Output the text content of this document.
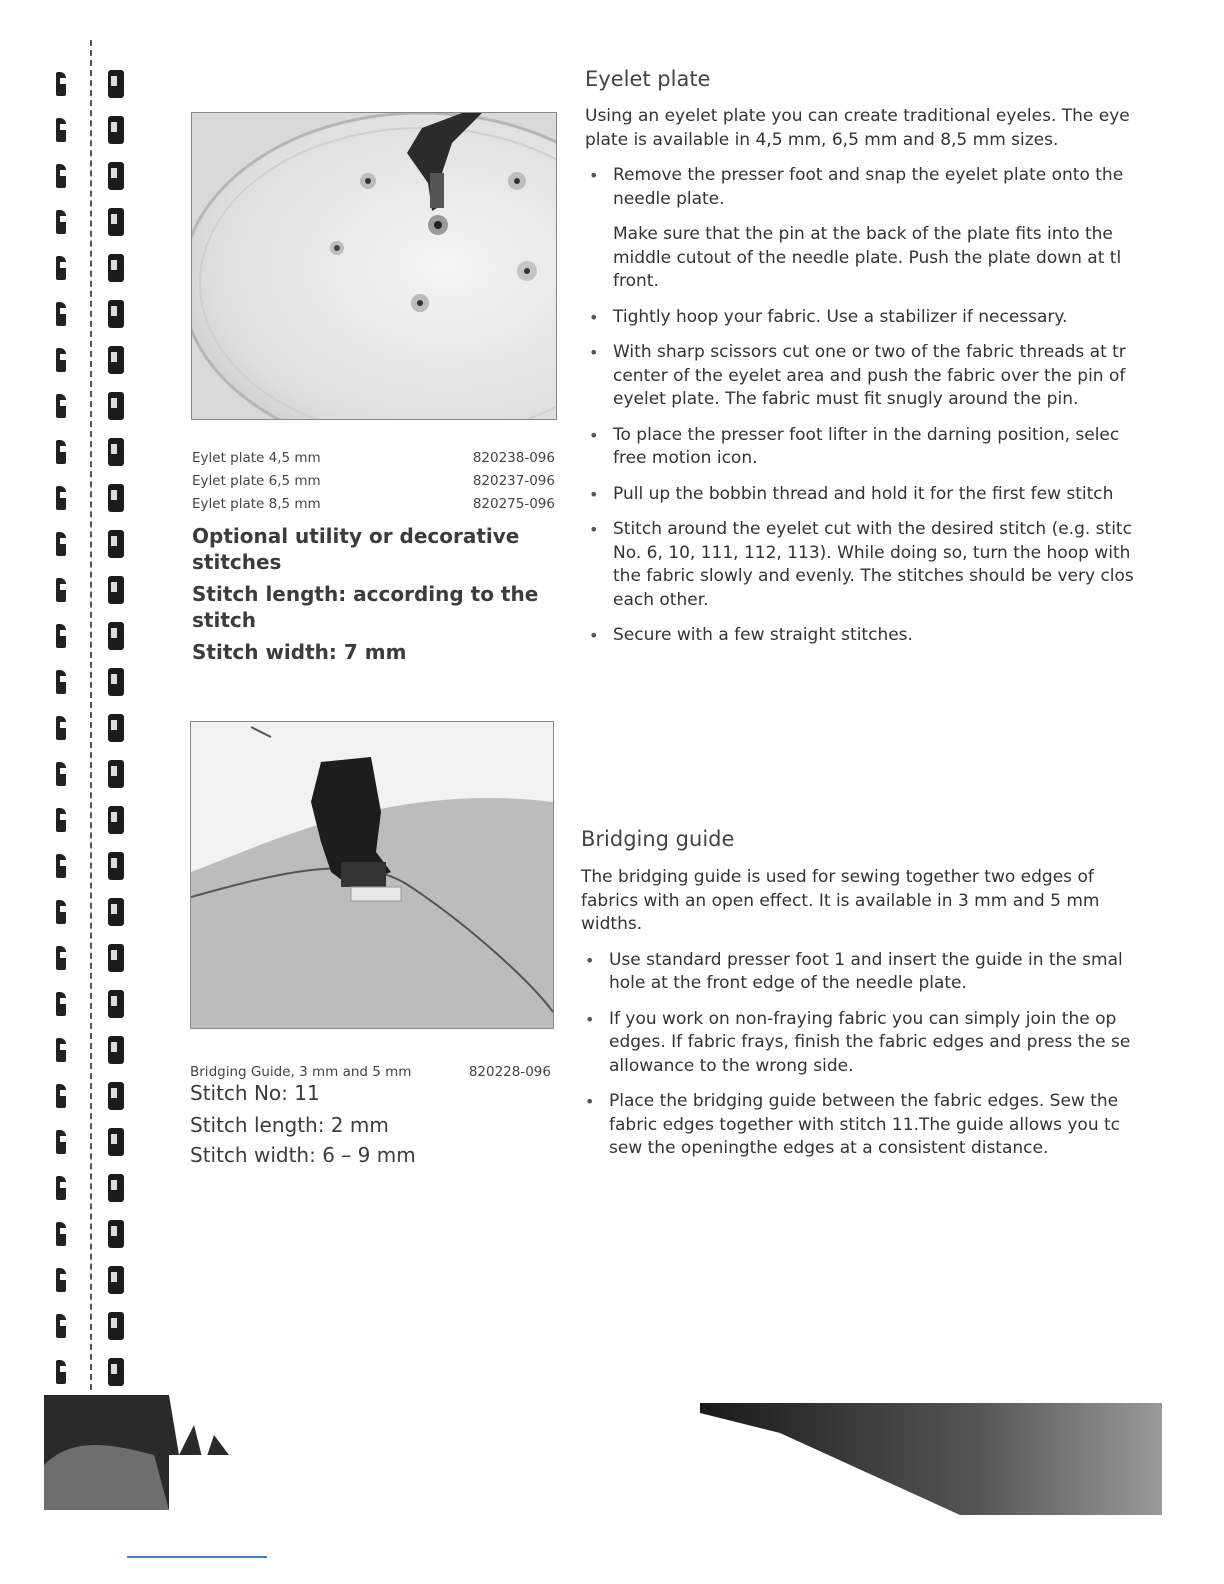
Eylet plate 4,5 mm	820238-096
Eylet plate 6,5 mm	820237-096
Eylet plate 8,5 mm	820275-096
Optional utility or decorative
stitches
Stitch length: according to the
stitch
Stitch width: 7 mm
Eyelet plate
Using an eyelet plate you can create traditional eyeles. The eye
plate is available in 4,5 mm, 6,5 mm and 8,5 mm sizes.
• Remove the presser foot and snap the eyelet plate onto the
needle plate.
Make sure that the pin at the back of the plate fits into the
middle cutout of the needle plate. Push the plate down at tl
front.
• Tightly hoop your fabric. Use a stabilizer if necessary.
• With sharp scissors cut one or two of the fabric threads at tr
center of the eyelet area and push the fabric over the pin of
eyelet plate. The fabric must fit snugly around the pin.
• To place the presser foot lifter in the darning position, selec
free motion icon.
• Pull up the bobbin thread and hold it for the first few stitch
• Stitch around the eyelet cut with the desired stitch (e.g. stitc
No. 6, 10, 111, 112, 113). While doing so, turn the hoop with
the fabric slowly and evenly. The stitches should be very clos
each other.
• Secure with a few straight stitches.
Bridging Guide, 3 mm and 5 mm	820228-096
Stitch No: 11
Stitch length: 2 mm
Stitch width: 6 – 9 mm
Bridging guide
The bridging guide is used for sewing together two edges of
fabrics with an open effect. It is available in 3 mm and 5 mm
widths.
• Use standard presser foot 1 and insert the guide in the smal
hole at the front edge of the needle plate.
• If you work on non-fraying fabric you can simply join the op
edges. If fabric frays, finish the fabric edges and press the se
allowance to the wrong side.
• Place the bridging guide between the fabric edges. Sew the
fabric edges together with stitch 11.The guide allows you tc
sew the openingthe edges at a consistent distance.
